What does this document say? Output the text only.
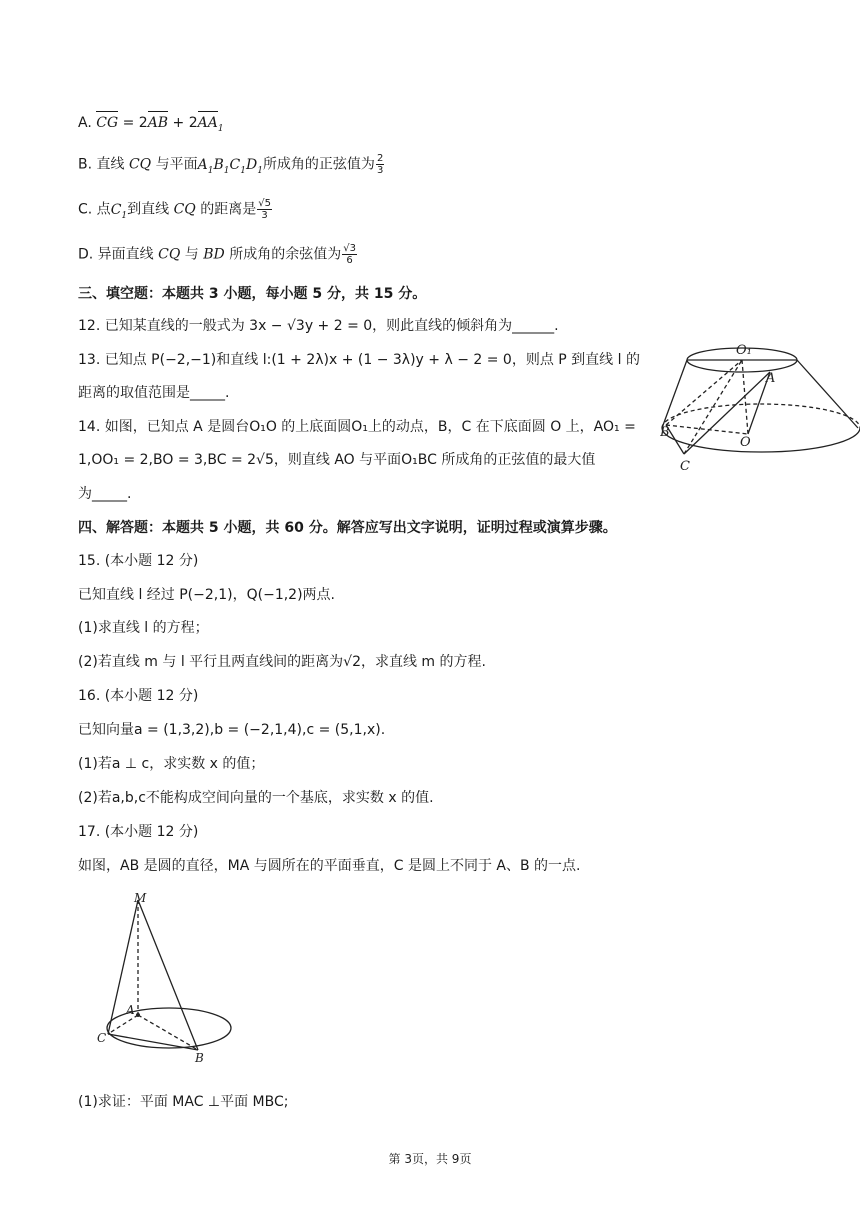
A. CG = $2AB + 2AA_1$
B. 直线 CQ 与平面$A_1B_1C_1D_1$所成角的正弦值为 $\frac{2}{3}$
C. 点$C_1$到直线 CQ 的距离是 $\frac{√5}{3}$
D. 异面直线 CQ 与 BD 所成角的余弦值为 $\frac{√3}{6}$
三、填空题：本题共 3 小题，每小题 5 分，共 15 分。
12. 已知某直线的一般式为 3x − √3y + 2 = 0，则此直线的倾斜角为______.
13. 已知点 P(−2,−1)和直线 l:(1 + 2λ)x + (1 − 3λ)y + λ − 2 = 0，则点 P 到直线 l 的
距离的取值范围是_____.
14. 如图，已知点 A 是圆台O₁O 的上底面圆O₁上的动点，B，C 在下底面圆 O 上，AO₁ =
1,OO₁ = 2,BO = 3,BC = 2√5，则直线 AO 与平面O₁BC 所成角的正弦值的最大值
为_____.
O₁
A
B
O
C
四、解答题：本题共 5 小题，共 60 分。解答应写出文字说明，证明过程或演算步骤。
15. (本小题 12 分)
已知直线 l 经过 P(−2,1)，Q(−1,2)两点.
(1)求直线 l 的方程；
(2)若直线 m 与 l 平行且两直线间的距离为√2，求直线 m 的方程.
16. (本小题 12 分)
已知向量a = (1,3,2),b = (−2,1,4),c = (5,1,x).
(1)若a ⊥ c，求实数 x 的值；
(2)若a,b,c不能构成空间向量的一个基底，求实数 x 的值.
17. (本小题 12 分)
如图，AB 是圆的直径，MA 与圆所在的平面垂直，C 是圆上不同于 A、B 的一点.
M
A
C
B
(1)求证：平面 MAC ⊥平面 MBC;
第 3页，共 9页
